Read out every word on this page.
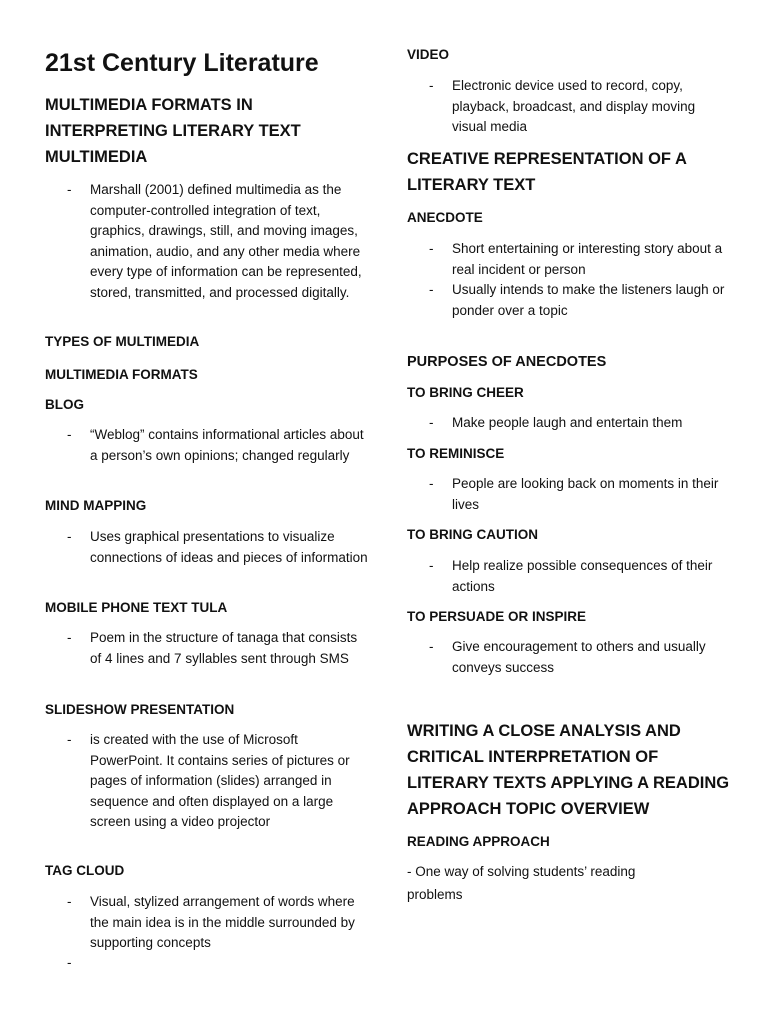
21st Century Literature
MULTIMEDIA FORMATS IN INTERPRETING LITERARY TEXT MULTIMEDIA
- Marshall (2001) defined multimedia as the computer-controlled integration of text, graphics, drawings, still, and moving images, animation, audio, and any other media where every type of information can be represented, stored, transmitted, and processed digitally.
TYPES OF MULTIMEDIA
MULTIMEDIA FORMATS
BLOG
- “Weblog” contains informational articles about a person’s own opinions; changed regularly
MIND MAPPING
- Uses graphical presentations to visualize connections of ideas and pieces of information
MOBILE PHONE TEXT TULA
- Poem in the structure of tanaga that consists of 4 lines and 7 syllables sent through SMS
SLIDESHOW PRESENTATION
- is created with the use of Microsoft PowerPoint. It contains series of pictures or pages of information (slides) arranged in sequence and often displayed on a large screen using a video projector
TAG CLOUD
- Visual, stylized arrangement of words where the main idea is in the middle surrounded by supporting concepts
-
VIDEO
- Electronic device used to record, copy, playback, broadcast, and display moving visual media
CREATIVE REPRESENTATION OF A LITERARY TEXT
ANECDOTE
- Short entertaining or interesting story about a real incident or person
- Usually intends to make the listeners laugh or ponder over a topic
PURPOSES OF ANECDOTES
TO BRING CHEER
- Make people laugh and entertain them
TO REMINISCE
- People are looking back on moments in their lives
TO BRING CAUTION
- Help realize possible consequences of their actions
TO PERSUADE OR INSPIRE
- Give encouragement to others and usually conveys success
WRITING A CLOSE ANALYSIS AND CRITICAL INTERPRETATION OF LITERARY TEXTS APPLYING A READING APPROACH TOPIC OVERVIEW
READING APPROACH
- One way of solving students’ reading problems
